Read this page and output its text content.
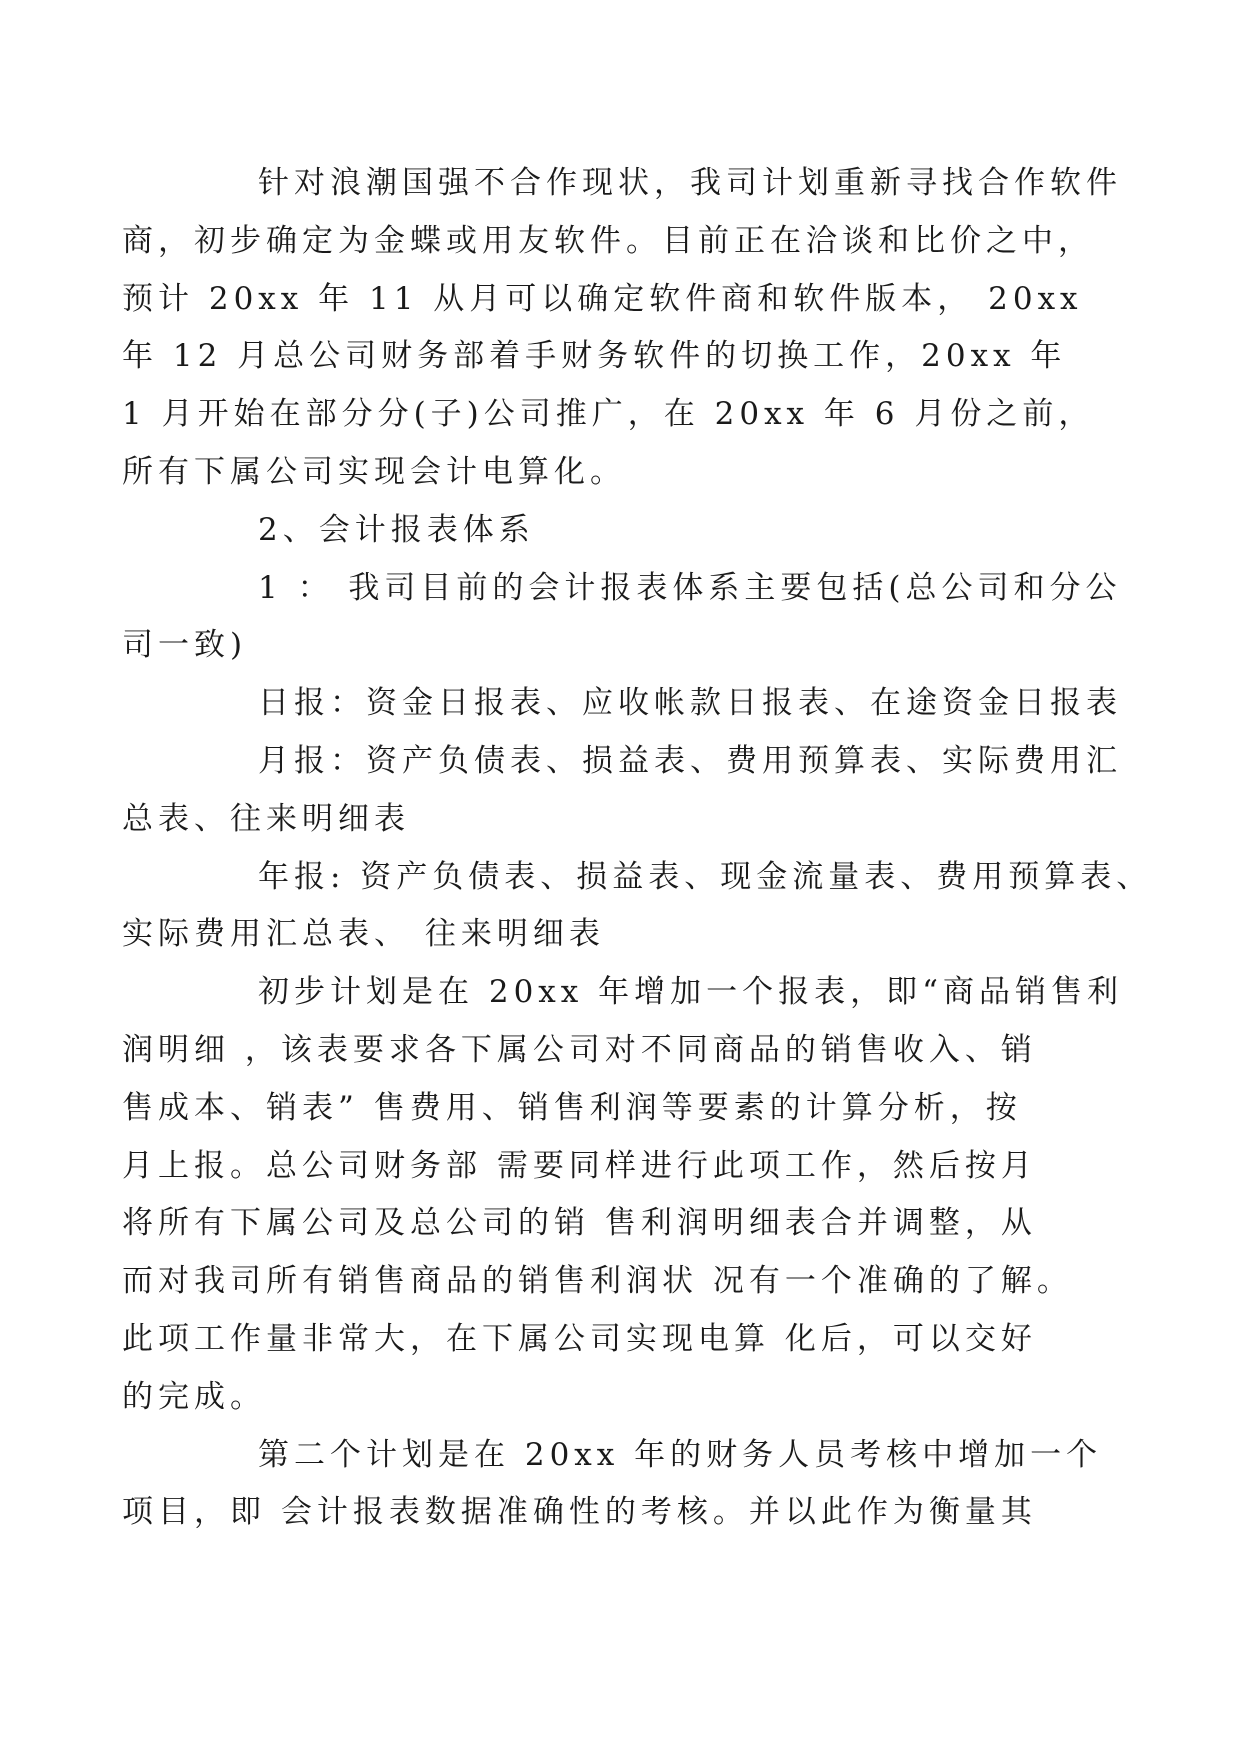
针对浪潮国强不合作现状，我司计划重新寻找合作软件
商，初步确定为金蝶或用友软件。目前正在洽谈和比价之中，
预计 20xx 年 11 从月可以确定软件商和软件版本， 20xx
年 12 月总公司财务部着手财务软件的切换工作，20xx 年
1 月开始在部分分(子)公司推广，在 20xx 年 6 月份之前，
所有下属公司实现会计电算化。

2、会计报表体系

1 ： 我司目前的会计报表体系主要包括(总公司和分公
司一致)

日报：资金日报表、应收帐款日报表、在途资金日报表

月报：资产负债表、损益表、费用预算表、实际费用汇
总表、往来明细表

年报: 资产负债表、损益表、现金流量表、费用预算表、
实际费用汇总表、 往来明细表

初步计划是在 20xx 年增加一个报表，即“商品销售利
润明细 ，该表要求各下属公司对不同商品的销售收入、销
售成本、销表” 售费用、销售利润等要素的计算分析，按
月上报。总公司财务部 需要同样进行此项工作，然后按月
将所有下属公司及总公司的销 售利润明细表合并调整，从
而对我司所有销售商品的销售利润状 况有一个准确的了解。
此项工作量非常大，在下属公司实现电算 化后，可以交好
的完成。

第二个计划是在 20xx 年的财务人员考核中增加一个
项目，即 会计报表数据准确性的考核。并以此作为衡量其
